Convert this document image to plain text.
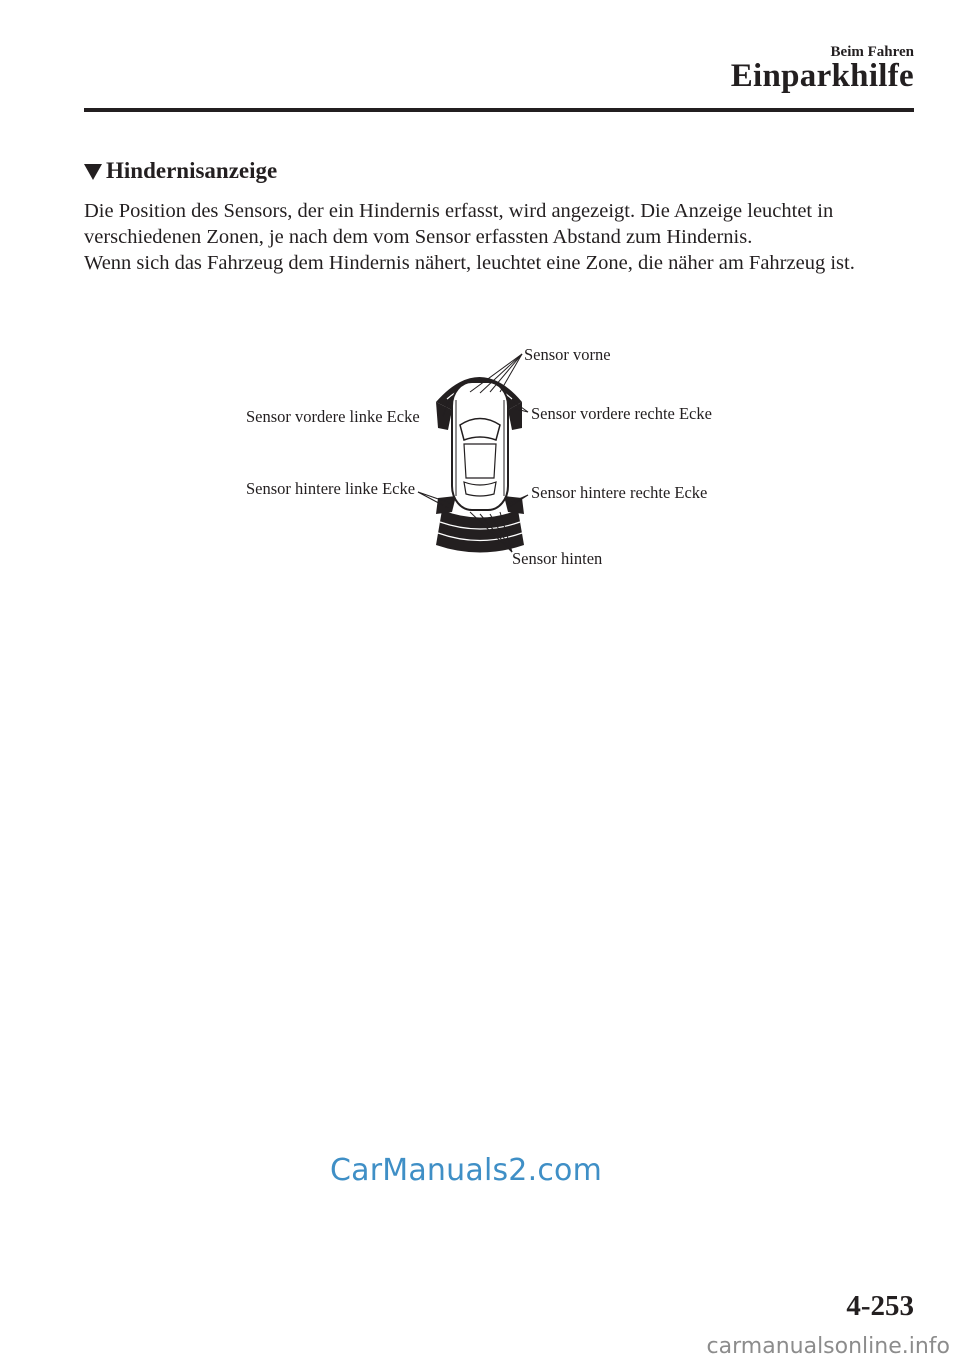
Beim Fahren
Einparkhilfe
Hindernisanzeige

Die Position des Sensors, der ein Hindernis erfasst, wird angezeigt. Die Anzeige leuchtet in verschiedenen Zonen, je nach dem vom Sensor erfassten Abstand zum Hindernis.

Wenn sich das Fahrzeug dem Hindernis nähert, leuchtet eine Zone, die näher am Fahrzeug ist.

Sensor vorne
Sensor vordere linke Ecke	Sensor vordere rechte Ecke
Sensor hintere linke Ecke	Sensor hintere rechte Ecke
Sensor hinten
CarManuals2.com
4-253
carmanualsonline.info
